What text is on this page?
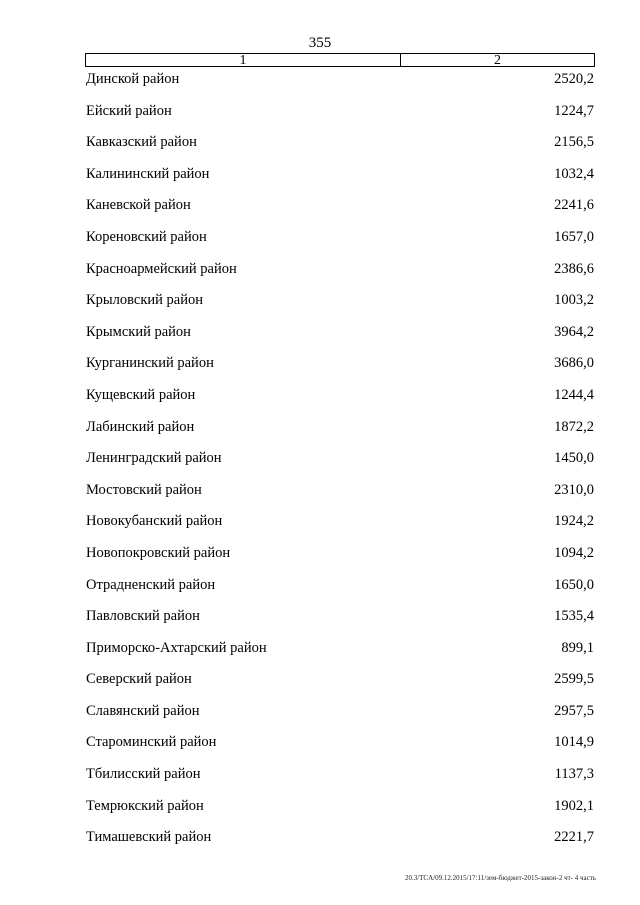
355
1	2
Динской район	2520,2
Ейский район	1224,7
Кавказский район	2156,5
Калининский район	1032,4
Каневской район	2241,6
Кореновский район	1657,0
Красноармейский район	2386,6
Крыловский район	1003,2
Крымский район	3964,2
Курганинский район	3686,0
Кущевский район	1244,4
Лабинский район	1872,2
Ленинградский район	1450,0
Мостовский район	2310,0
Новокубанский район	1924,2
Новопокровский район	1094,2
Отрадненский район	1650,0
Павловский район	1535,4
Приморско-Ахтарский район	899,1
Северский район	2599,5
Славянский район	2957,5
Староминский район	1014,9
Тбилисский район	1137,3
Темрюкский район	1902,1
Тимашевский район	2221,7
20.3/TCA/09.12.2015/17:11/зем-бюджет-2015-закон-2 чт- 4 часть
